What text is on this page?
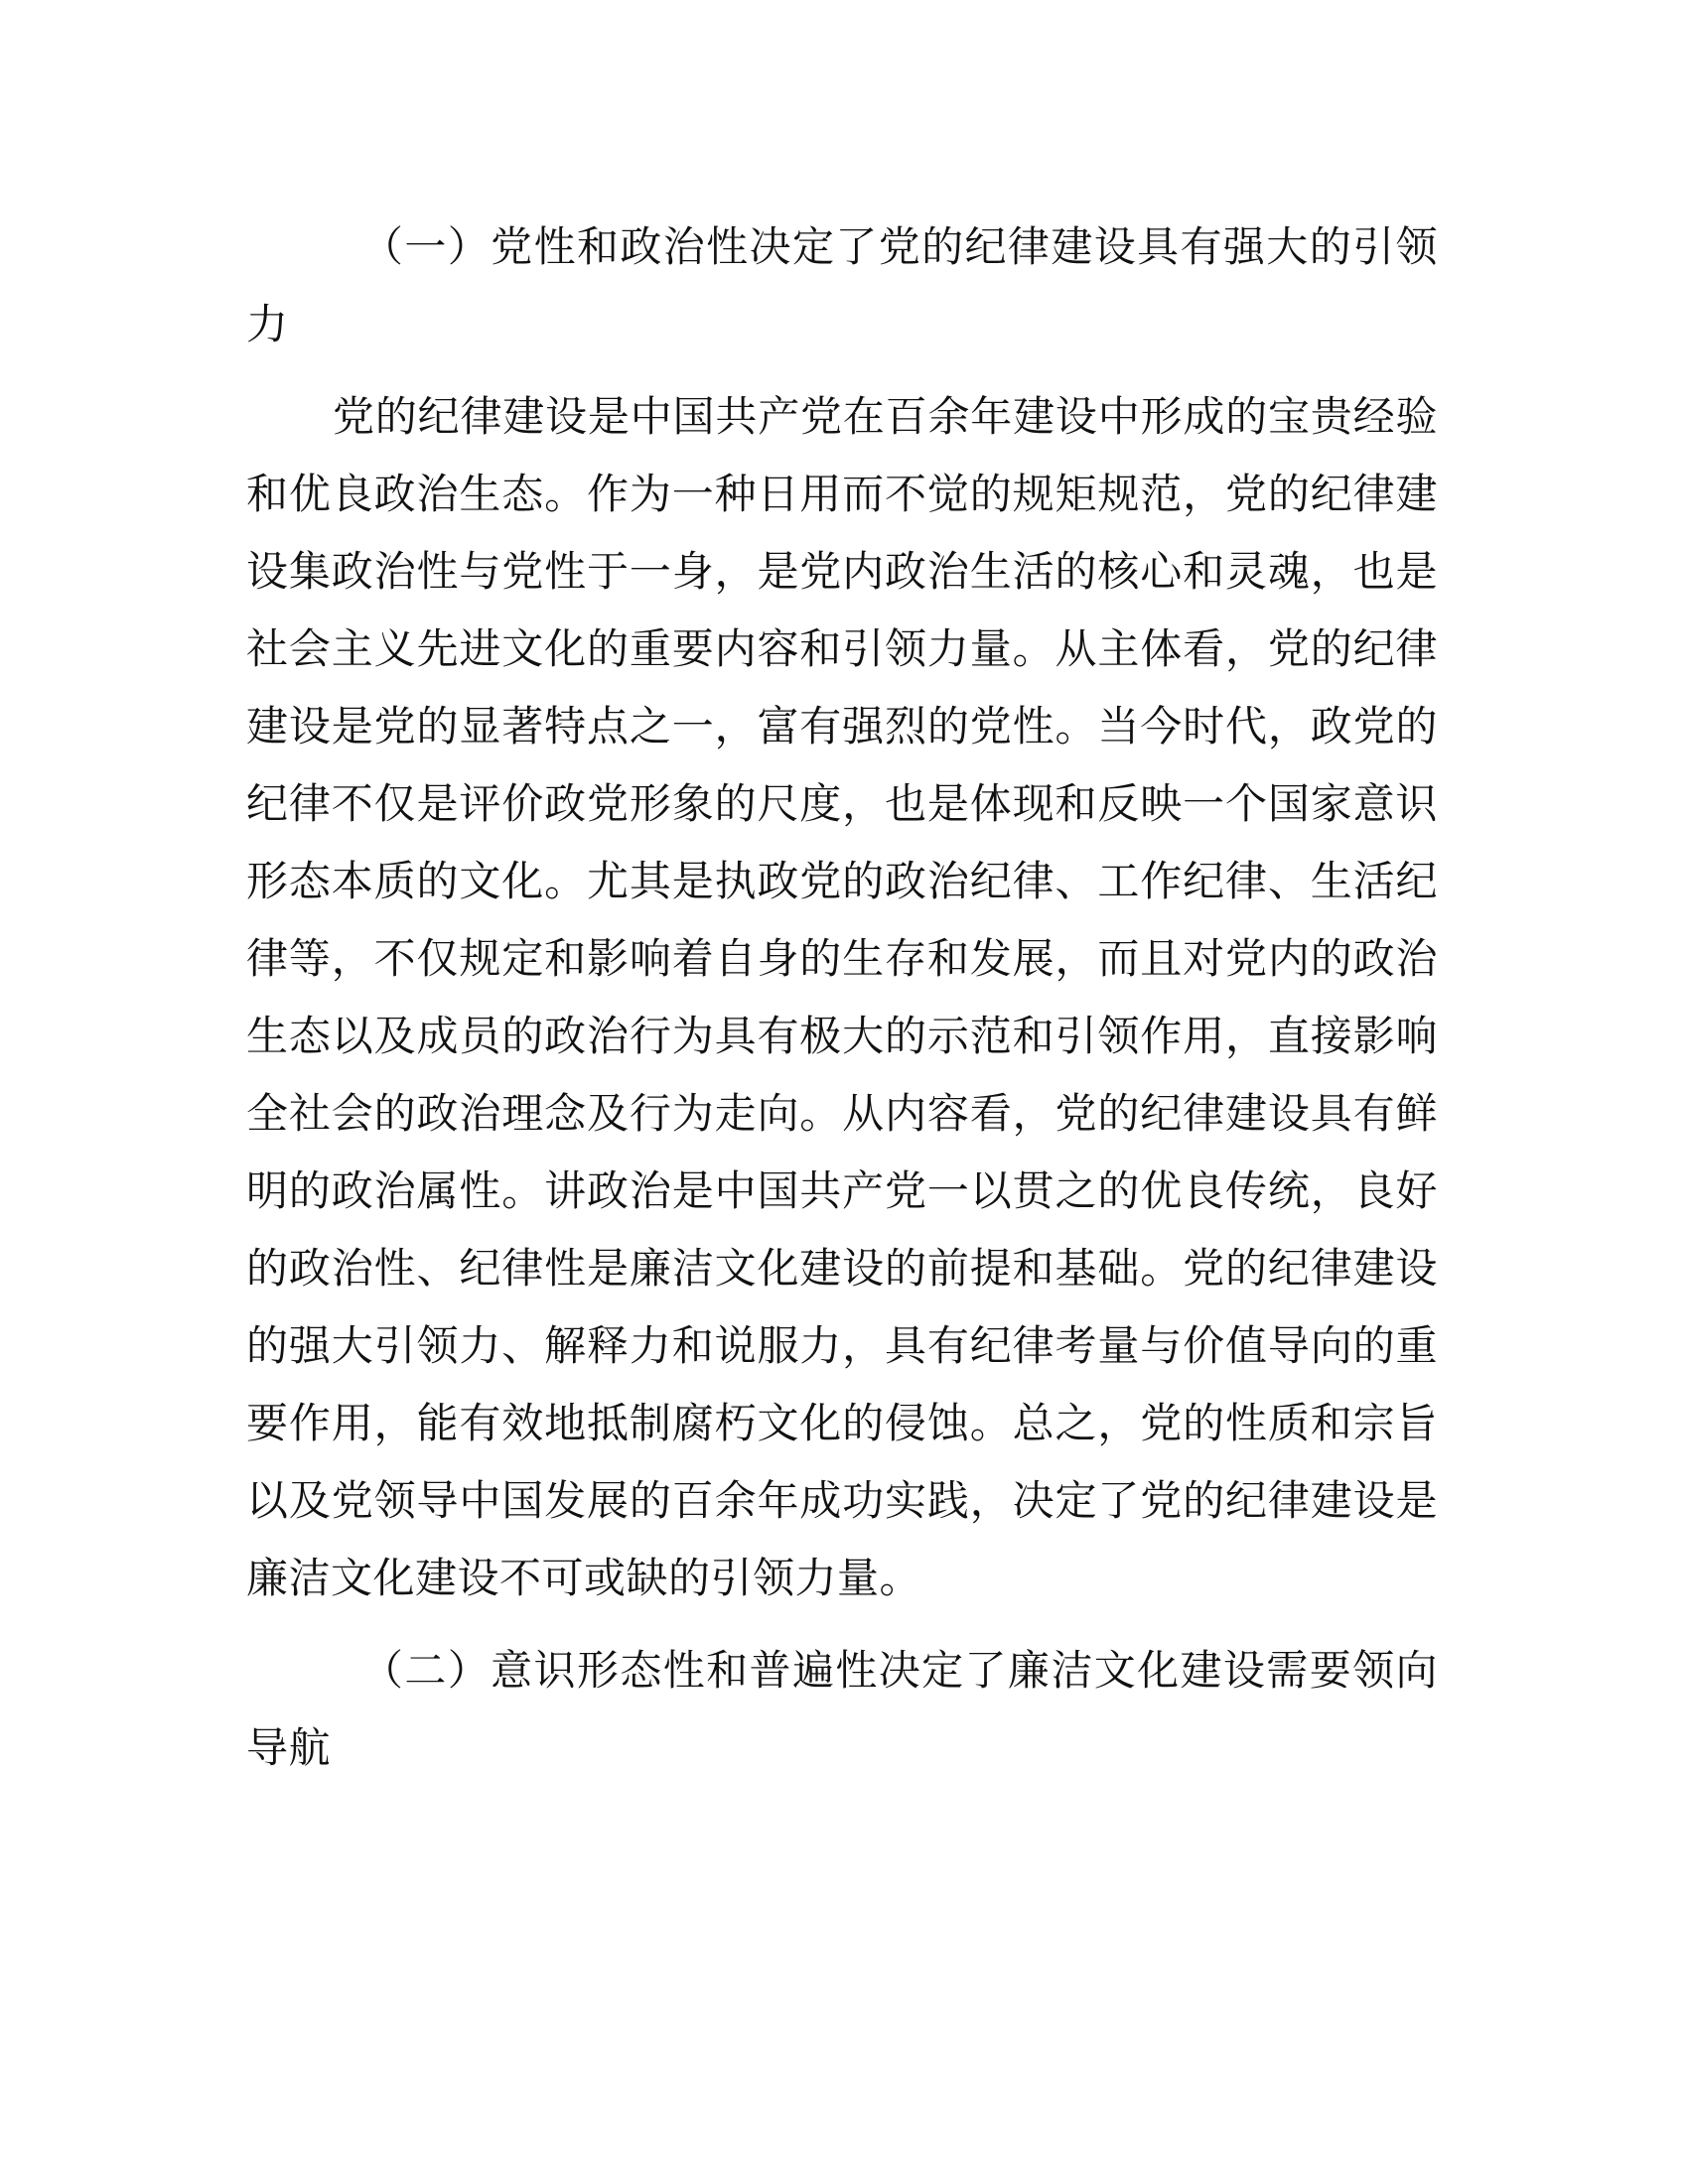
（一）党性和政治性决定了党的纪律建设具有强大的引领力

党的纪律建设是中国共产党在百余年建设中形成的宝贵经验和优良政治生态。作为一种日用而不觉的规矩规范，党的纪律建设集政治性与党性于一身，是党内政治生活的核心和灵魂，也是社会主义先进文化的重要内容和引领力量。从主体看，党的纪律建设是党的显著特点之一，富有强烈的党性。当今时代，政党的纪律不仅是评价政党形象的尺度，也是体现和反映一个国家意识形态本质的文化。尤其是执政党的政治纪律、工作纪律、生活纪律等，不仅规定和影响着自身的生存和发展，而且对党内的政治生态以及成员的政治行为具有极大的示范和引领作用，直接影响全社会的政治理念及行为走向。从内容看，党的纪律建设具有鲜明的政治属性。讲政治是中国共产党一以贯之的优良传统，良好的政治性、纪律性是廉洁文化建设的前提和基础。党的纪律建设的强大引领力、解释力和说服力，具有纪律考量与价值导向的重要作用，能有效地抵制腐朽文化的侵蚀。总之，党的性质和宗旨以及党领导中国发展的百余年成功实践，决定了党的纪律建设是廉洁文化建设不可或缺的引领力量。

（二）意识形态性和普遍性决定了廉洁文化建设需要领向导航
